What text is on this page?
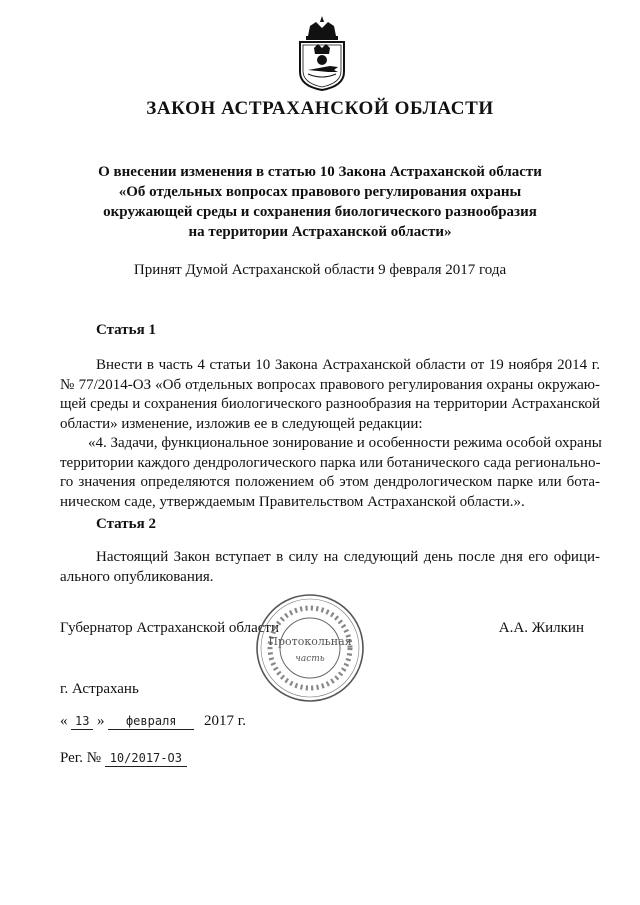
ЗАКОН АСТРАХАНСКОЙ ОБЛАСТИ
О внесении изменения в статью 10 Закона Астраханской области
«Об отдельных вопросах правового регулирования охраны
окружающей среды и сохранения биологического разнообразия
на территории Астраханской области»
Принят Думой Астраханской области 9 февраля 2017 года
Статья 1
Внести в часть 4 статьи 10 Закона Астраханской области от 19 ноября 2014 г.
№ 77/2014-ОЗ «Об отдельных вопросах правового регулирования охраны окружаю-
щей среды и сохранения биологического разнообразия на территории Астраханской
области» изменение, изложив ее в следующей редакции:
«4. Задачи, функциональное зонирование и особенности режима особой охраны
территории каждого дендрологического парка или ботанического сада регионально-
го значения определяются положением об этом дендрологическом парке или бота-
ническом саде, утверждаемым Правительством Астраханской области.».
Статья 2
Настоящий Закон вступает в силу на следующий день после дня его офици-
ального опубликования.
Губернатор Астраханской области	А.А. Жилкин
Протокольная
часть
г. Астрахань
« 13 » февраля 2017 г.
Рег. № 10/2017-ОЗ
